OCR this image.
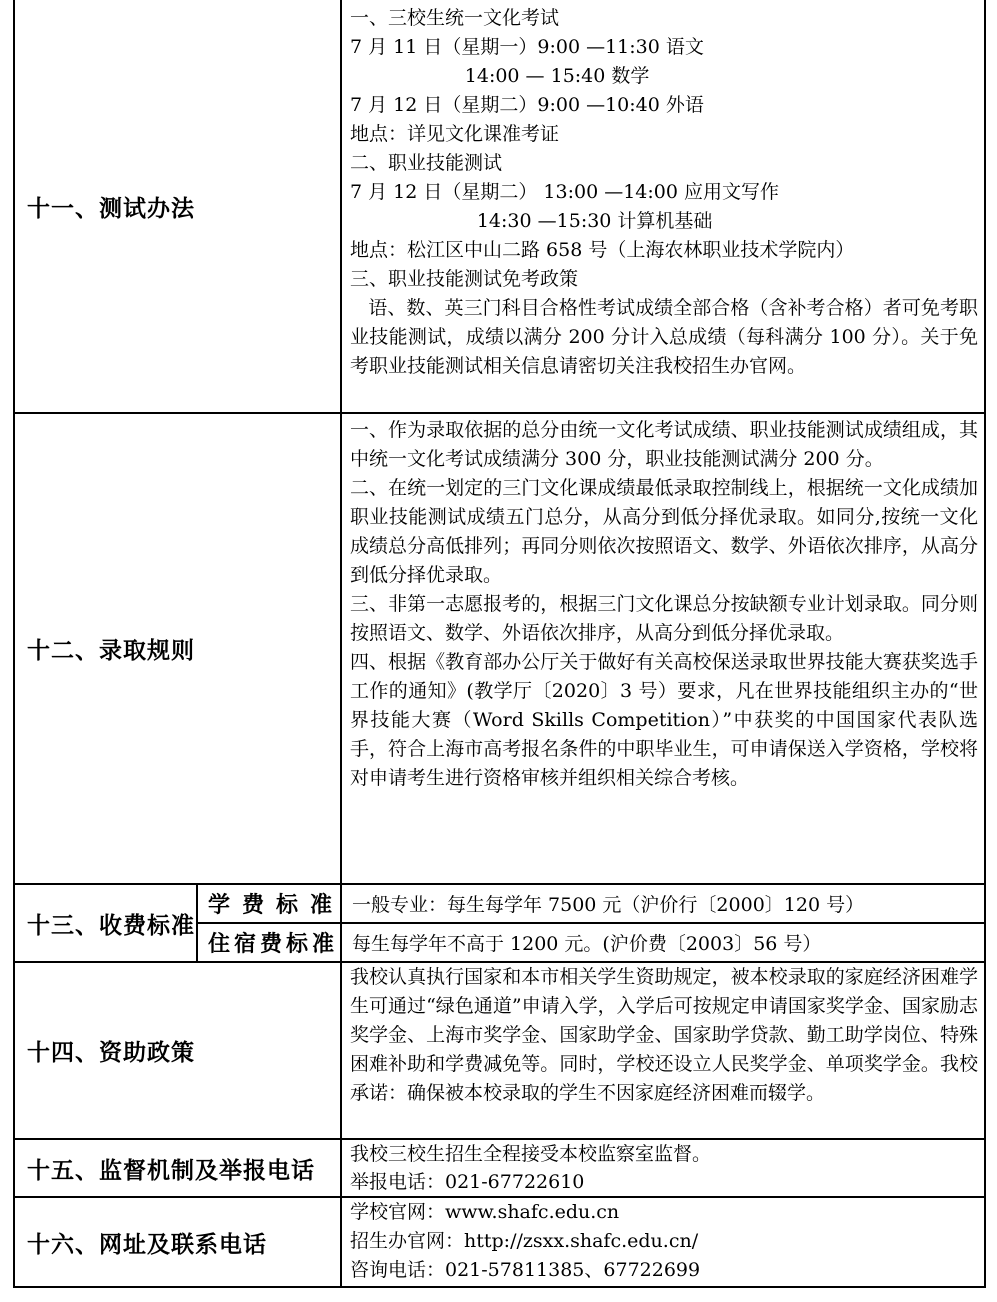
十一、测试办法

一、三校生统一文化考试

7 月 11 日（星期一）9:00 —11:30 语文

14:00 — 15:40 数学

7 月 12 日（星期二）9:00 —10:40 外语

地点：详见文化课准考证

二、职业技能测试

7 月 12 日（星期二） 13:00 —14:00 应用文写作

14:30 —15:30 计算机基础

地点：松江区中山二路 658 号（上海农林职业技术学院内）

三、职业技能测试免考政策

语、数、英三门科目合格性考试成绩全部合格（含补考合格）者可免考职业技能测试，成绩以满分 200 分计入总成绩（每科满分 100 分）。关于免考职业技能测试相关信息请密切关注我校招生办官网。

十二、录取规则

一、作为录取依据的总分由统一文化考试成绩、职业技能测试成绩组成，其中统一文化考试成绩满分 300 分，职业技能测试满分 200 分。

二、在统一划定的三门文化课成绩最低录取控制线上，根据统一文化成绩加职业技能测试成绩五门总分，从高分到低分择优录取。如同分,按统一文化成绩总分高低排列；再同分则依次按照语文、数学、外语依次排序，从高分到低分择优录取。

三、非第一志愿报考的，根据三门文化课总分按缺额专业计划录取。同分则按照语文、数学、外语依次排序，从高分到低分择优录取。

四、根据《教育部办公厅关于做好有关高校保送录取世界技能大赛获奖选手工作的通知》(教学厅〔2020〕3 号）要求，凡在世界技能组织主办的“世界技能大赛（Word Skills Competition）”中获奖的中国国家代表队选手，符合上海市高考报名条件的中职毕业生，可申请保送入学资格，学校将对申请考生进行资格审核并组织相关综合考核。

十三、收费标准
学 费 标 准 一般专业：每生每学年 7500 元（沪价行〔2000〕120 号）
住 宿 费 标 准 每生每学年不高于 1200 元。(沪价费〔2003〕56 号）
十四、资助政策

我校认真执行国家和本市相关学生资助规定，被本校录取的家庭经济困难学生可通过“绿色通道”申请入学，入学后可按规定申请国家奖学金、国家励志奖学金、上海市奖学金、国家助学金、国家助学贷款、勤工助学岗位、特殊困难补助和学费减免等。同时，学校还设立人民奖学金、单项奖学金。我校承诺：确保被本校录取的学生不因家庭经济困难而辍学。

十五、监督机制及举报电话

我校三校生招生全程接受本校监察室监督。

举报电话：021-67722610

十六、网址及联系电话

学校官网：www.shafc.edu.cn

招生办官网：http://zsxx.shafc.edu.cn/

咨询电话：021-57811385、67722699
